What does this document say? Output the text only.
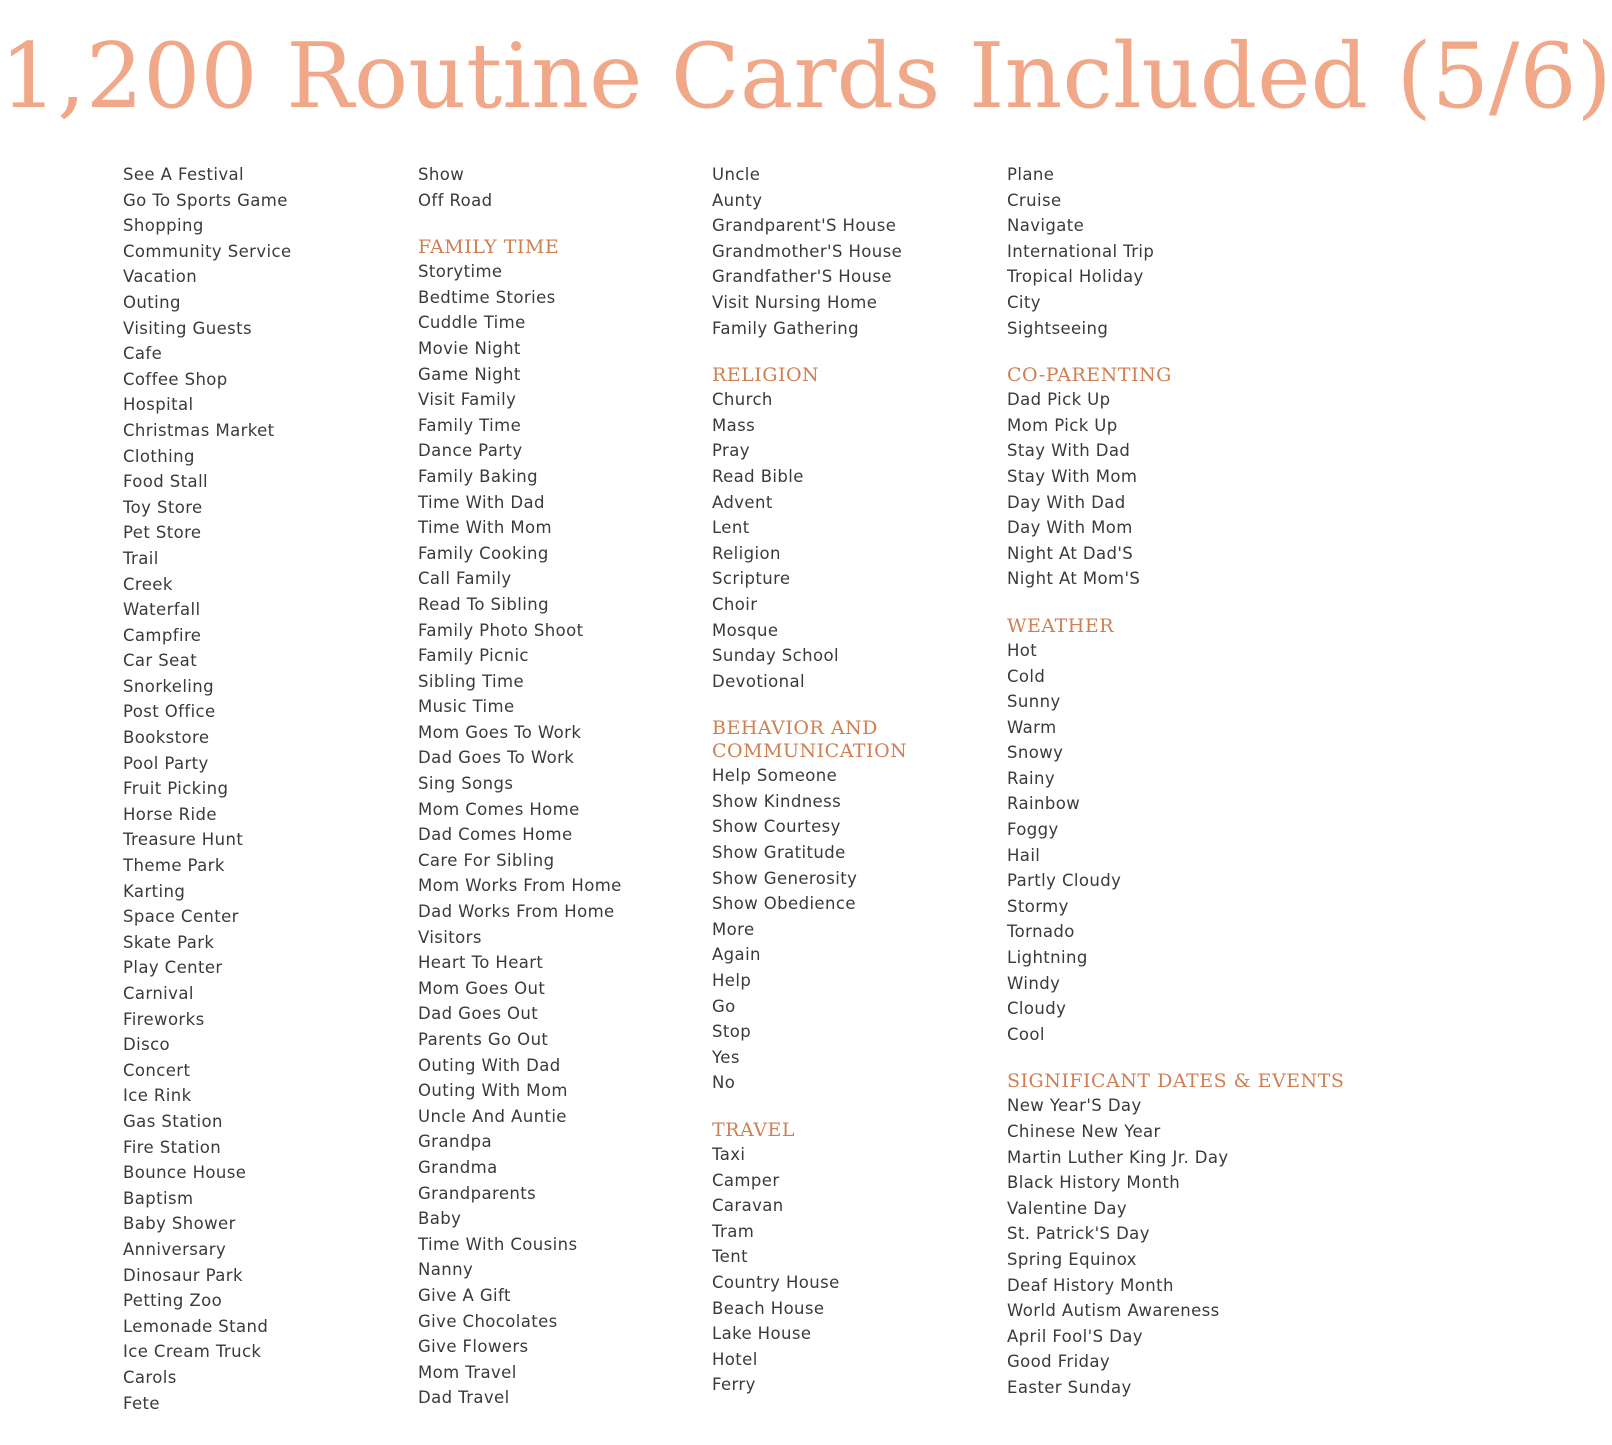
1,200 Routine Cards Included (5/6)
See A Festival
Go To Sports Game
Shopping
Community Service
Vacation
Outing
Visiting Guests
Cafe
Coffee Shop
Hospital
Christmas Market
Clothing
Food Stall
Toy Store
Pet Store
Trail
Creek
Waterfall
Campfire
Car Seat
Snorkeling
Post Office
Bookstore
Pool Party
Fruit Picking
Horse Ride
Treasure Hunt
Theme Park
Karting
Space Center
Skate Park
Play Center
Carnival
Fireworks
Disco
Concert
Ice Rink
Gas Station
Fire Station
Bounce House
Baptism
Baby Shower
Anniversary
Dinosaur Park
Petting Zoo
Lemonade Stand
Ice Cream Truck
Carols
Fete
Show
Off Road
FAMILY TIME
Storytime
Bedtime Stories
Cuddle Time
Movie Night
Game Night
Visit Family
Family Time
Dance Party
Family Baking
Time With Dad
Time With Mom
Family Cooking
Call Family
Read To Sibling
Family Photo Shoot
Family Picnic
Sibling Time
Music Time
Mom Goes To Work
Dad Goes To Work
Sing Songs
Mom Comes Home
Dad Comes Home
Care For Sibling
Mom Works From Home
Dad Works From Home
Visitors
Heart To Heart
Mom Goes Out
Dad Goes Out
Parents Go Out
Outing With Dad
Outing With Mom
Uncle And Auntie
Grandpa
Grandma
Grandparents
Baby
Time With Cousins
Nanny
Give A Gift
Give Chocolates
Give Flowers
Mom Travel
Dad Travel
Uncle
Aunty
Grandparent'S House
Grandmother'S House
Grandfather'S House
Visit Nursing Home
Family Gathering
RELIGION
Church
Mass
Pray
Read Bible
Advent
Lent
Religion
Scripture
Choir
Mosque
Sunday School
Devotional
BEHAVIOR AND
COMMUNICATION
Help Someone
Show Kindness
Show Courtesy
Show Gratitude
Show Generosity
Show Obedience
More
Again
Help
Go
Stop
Yes
No
TRAVEL
Taxi
Camper
Caravan
Tram
Tent
Country House
Beach House
Lake House
Hotel
Ferry
Plane
Cruise
Navigate
International Trip
Tropical Holiday
City
Sightseeing
CO-PARENTING
Dad Pick Up
Mom Pick Up
Stay With Dad
Stay With Mom
Day With Dad
Day With Mom
Night At Dad'S
Night At Mom'S
WEATHER
Hot
Cold
Sunny
Warm
Snowy
Rainy
Rainbow
Foggy
Hail
Partly Cloudy
Stormy
Tornado
Lightning
Windy
Cloudy
Cool
SIGNIFICANT DATES & EVENTS
New Year'S Day
Chinese New Year
Martin Luther King Jr. Day
Black History Month
Valentine Day
St. Patrick'S Day
Spring Equinox
Deaf History Month
World Autism Awareness
April Fool'S Day
Good Friday
Easter Sunday
